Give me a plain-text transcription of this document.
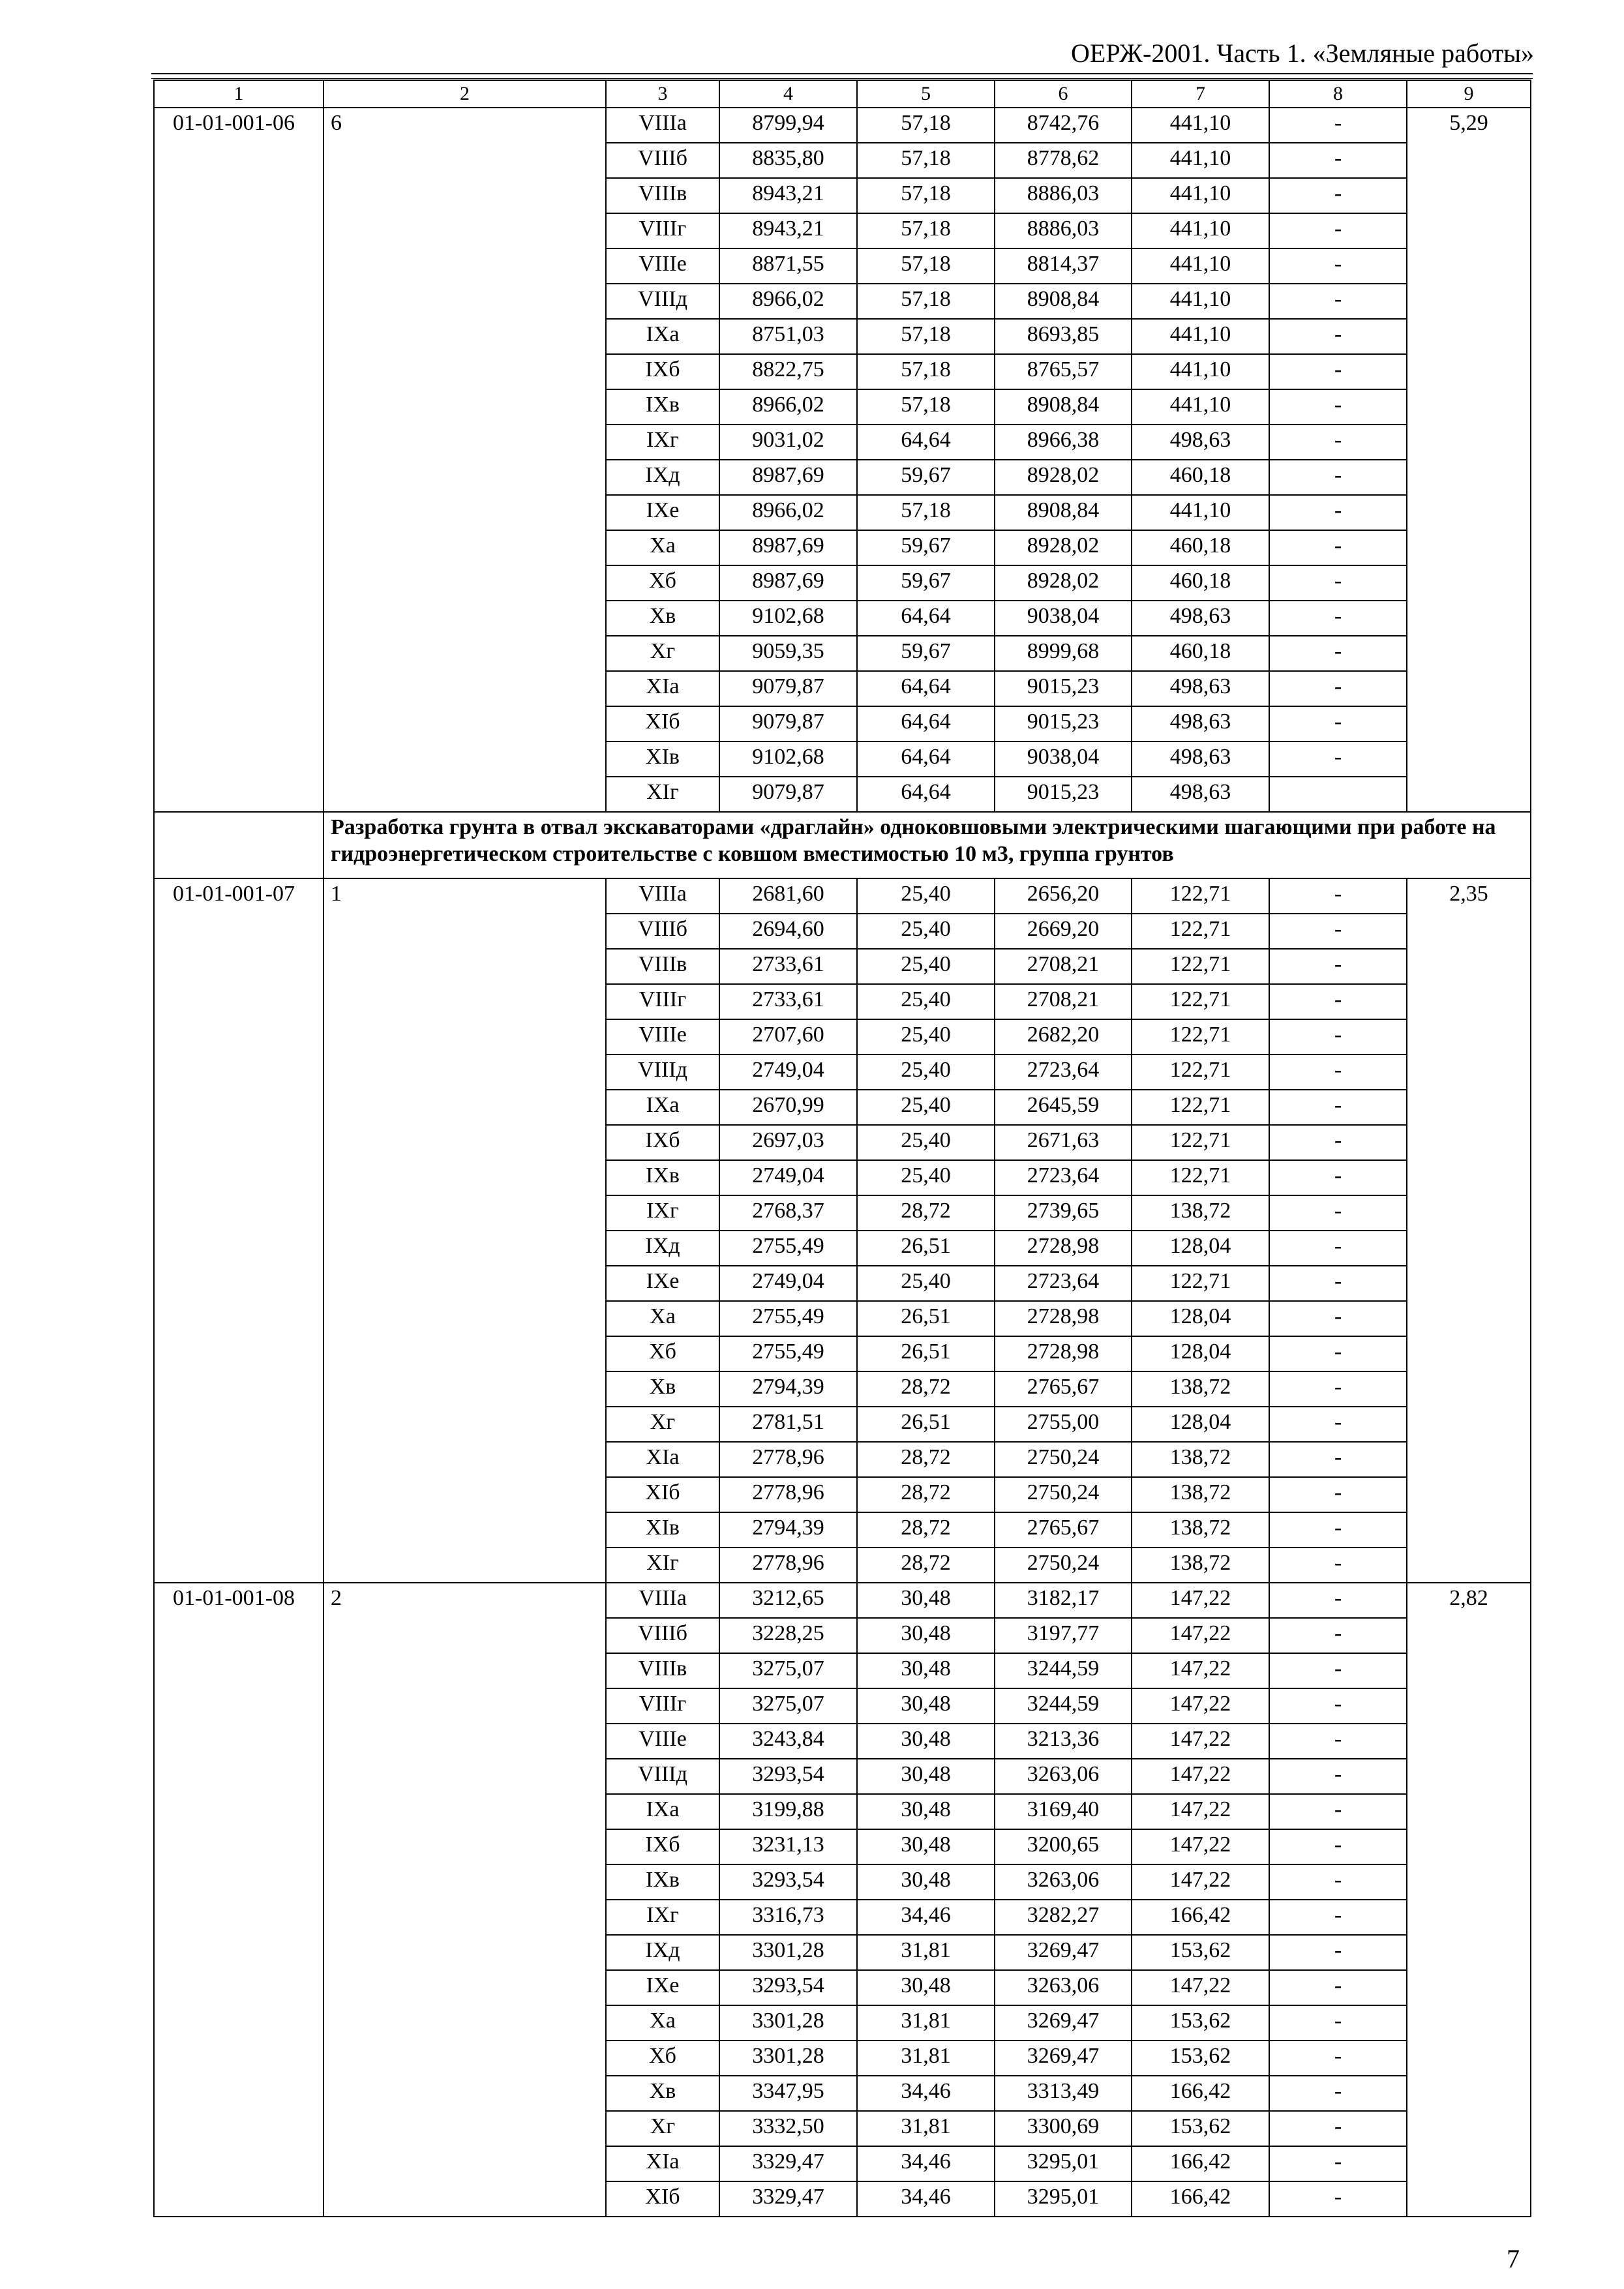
ОЕРЖ-2001. Часть 1. «Земляные работы»
1	2	3	4	5	6	7	8	9
01-01-001-06	6	VIIIа	8799,94	57,18	8742,76	441,10	-	5,29
		VIIIб	8835,80	57,18	8778,62	441,10	-	
		VIIIв	8943,21	57,18	8886,03	441,10	-	
		VIIIг	8943,21	57,18	8886,03	441,10	-	
		VIIIе	8871,55	57,18	8814,37	441,10	-	
		VIIIд	8966,02	57,18	8908,84	441,10	-	
		IXа	8751,03	57,18	8693,85	441,10	-	
		IXб	8822,75	57,18	8765,57	441,10	-	
		IXв	8966,02	57,18	8908,84	441,10	-	
		IXг	9031,02	64,64	8966,38	498,63	-	
		IXд	8987,69	59,67	8928,02	460,18	-	
		IXе	8966,02	57,18	8908,84	441,10	-	
		Xа	8987,69	59,67	8928,02	460,18	-	
		Xб	8987,69	59,67	8928,02	460,18	-	
		Xв	9102,68	64,64	9038,04	498,63	-	
		Xг	9059,35	59,67	8999,68	460,18	-	
		XIа	9079,87	64,64	9015,23	498,63	-	
		XIб	9079,87	64,64	9015,23	498,63	-	
		XIв	9102,68	64,64	9038,04	498,63	-	
		XIг	9079,87	64,64	9015,23	498,63		
	Разработка грунта в отвал экскаваторами «драглайн» одноковшовыми электрическими шагающими при работе на гидроэнергетическом строительстве с ковшом вместимостью 10 м3, группа грунтов							
01-01-001-07	1	VIIIа	2681,60	25,40	2656,20	122,71	-	2,35
		VIIIб	2694,60	25,40	2669,20	122,71	-	
		VIIIв	2733,61	25,40	2708,21	122,71	-	
		VIIIг	2733,61	25,40	2708,21	122,71	-	
		VIIIе	2707,60	25,40	2682,20	122,71	-	
		VIIIд	2749,04	25,40	2723,64	122,71	-	
		IXа	2670,99	25,40	2645,59	122,71	-	
		IXб	2697,03	25,40	2671,63	122,71	-	
		IXв	2749,04	25,40	2723,64	122,71	-	
		IXг	2768,37	28,72	2739,65	138,72	-	
		IXд	2755,49	26,51	2728,98	128,04	-	
		IXе	2749,04	25,40	2723,64	122,71	-	
		Xа	2755,49	26,51	2728,98	128,04	-	
		Xб	2755,49	26,51	2728,98	128,04	-	
		Xв	2794,39	28,72	2765,67	138,72	-	
		Xг	2781,51	26,51	2755,00	128,04	-	
		XIа	2778,96	28,72	2750,24	138,72	-	
		XIб	2778,96	28,72	2750,24	138,72	-	
		XIв	2794,39	28,72	2765,67	138,72	-	
		XIг	2778,96	28,72	2750,24	138,72	-	
01-01-001-08	2	VIIIа	3212,65	30,48	3182,17	147,22	-	2,82
		VIIIб	3228,25	30,48	3197,77	147,22	-	
		VIIIв	3275,07	30,48	3244,59	147,22	-	
		VIIIг	3275,07	30,48	3244,59	147,22	-	
		VIIIе	3243,84	30,48	3213,36	147,22	-	
		VIIIд	3293,54	30,48	3263,06	147,22	-	
		IXа	3199,88	30,48	3169,40	147,22	-	
		IXб	3231,13	30,48	3200,65	147,22	-	
		IXв	3293,54	30,48	3263,06	147,22	-	
		IXг	3316,73	34,46	3282,27	166,42	-	
		IXд	3301,28	31,81	3269,47	153,62	-	
		IXе	3293,54	30,48	3263,06	147,22	-	
		Xа	3301,28	31,81	3269,47	153,62	-	
		Xб	3301,28	31,81	3269,47	153,62	-	
		Xв	3347,95	34,46	3313,49	166,42	-	
		Xг	3332,50	31,81	3300,69	153,62	-	
		XIа	3329,47	34,46	3295,01	166,42	-	
		XIб	3329,47	34,46	3295,01	166,42	-	
7
